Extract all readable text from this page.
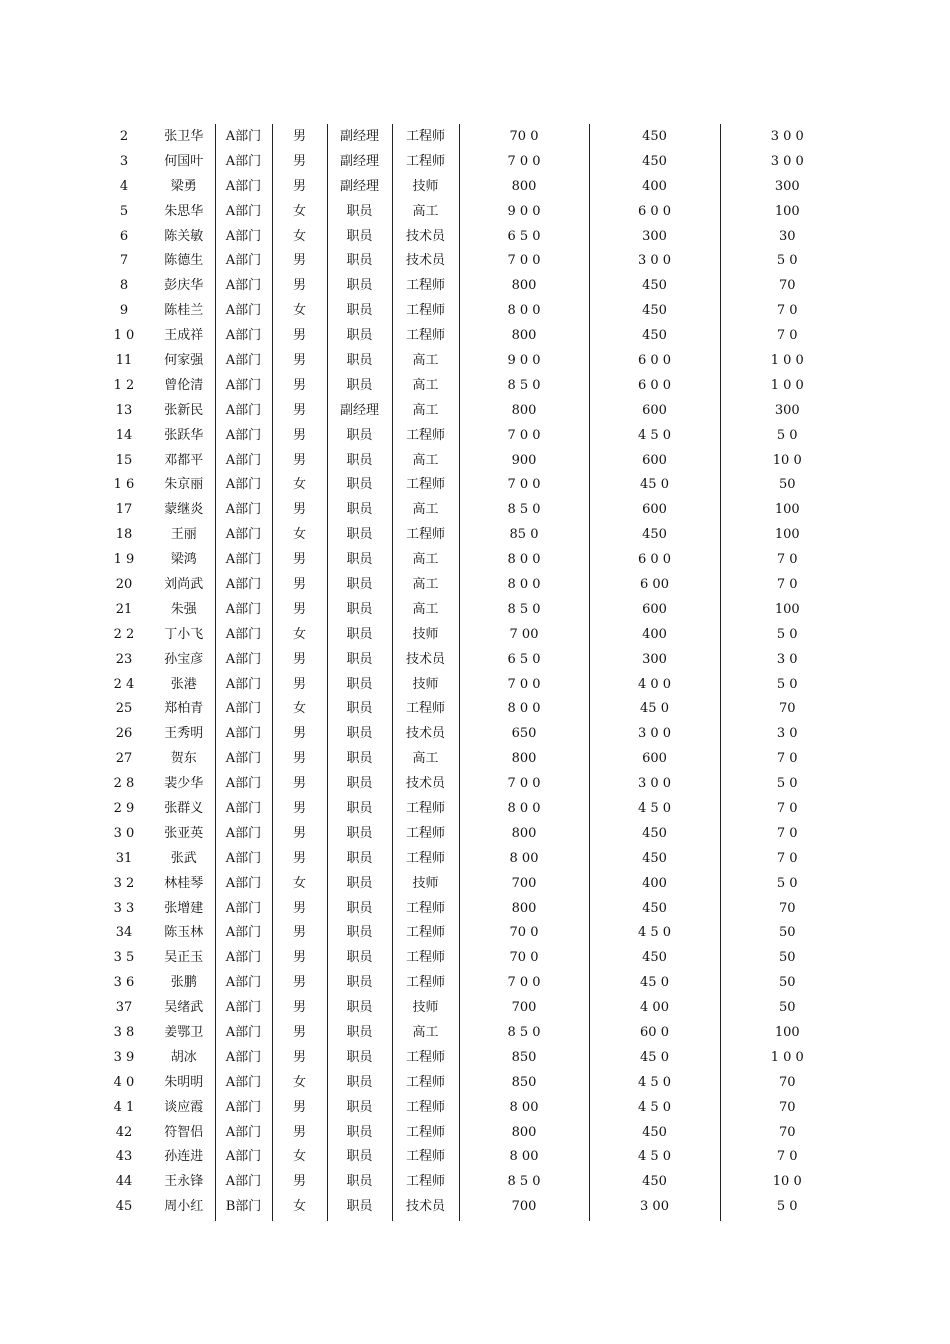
2	张卫华	A部门	男	副经理	工程师	70 0	450	3 0 0
3	何国叶	A部门	男	副经理	工程师	7 0 0	450	3 0 0
4	梁勇	A部门	男	副经理	技师	800	400	300
5	朱思华	A部门	女	职员	高工	9 0 0	6 0 0	100
6	陈关敏	A部门	女	职员	技术员	6 5 0	300	30
7	陈德生	A部门	男	职员	技术员	7 0 0	3 0 0	5 0
8	彭庆华	A部门	男	职员	工程师	800	450	70
9	陈桂兰	A部门	女	职员	工程师	8 0 0	450	7 0
1 0	王成祥	A部门	男	职员	工程师	800	450	7 0
11	何家强	A部门	男	职员	高工	9 0 0	6 0 0	1 0 0
1 2	曾伦清	A部门	男	职员	高工	8 5 0	6 0 0	1 0 0
13	张新民	A部门	男	副经理	高工	800	600	300
14	张跃华	A部门	男	职员	工程师	7 0 0	4 5 0	5 0
15	邓都平	A部门	男	职员	高工	900	600	10 0
1 6	朱京丽	A部门	女	职员	工程师	7 0 0	45 0	50
17	蒙继炎	A部门	男	职员	高工	8 5 0	600	100
18	王丽	A部门	女	职员	工程师	85 0	450	100
1 9	梁鸿	A部门	男	职员	高工	8 0 0	6 0 0	7 0
20	刘尚武	A部门	男	职员	高工	8 0 0	6 00	7 0
21	朱强	A部门	男	职员	高工	8 5 0	600	100
2 2	丁小飞	A部门	女	职员	技师	7 00	400	5 0
23	孙宝彦	A部门	男	职员	技术员	6 5 0	300	3 0
2 4	张港	A部门	男	职员	技师	7 0 0	4 0 0	5 0
25	郑柏青	A部门	女	职员	工程师	8 0 0	45 0	70
26	王秀明	A部门	男	职员	技术员	650	3 0 0	3 0
27	贺东	A部门	男	职员	高工	800	600	7 0
2 8	裴少华	A部门	男	职员	技术员	7 0 0	3 0 0	5 0
2 9	张群义	A部门	男	职员	工程师	8 0 0	4 5 0	7 0
3 0	张亚英	A部门	男	职员	工程师	800	450	7 0
31	张武	A部门	男	职员	工程师	8 00	450	7 0
3 2	林桂琴	A部门	女	职员	技师	700	400	5 0
3 3	张增建	A部门	男	职员	工程师	800	450	70
34	陈玉林	A部门	男	职员	工程师	70 0	4 5 0	50
3 5	吴正玉	A部门	男	职员	工程师	70 0	450	50
3 6	张鹏	A部门	男	职员	工程师	7 0 0	45 0	50
37	吴绪武	A部门	男	职员	技师	700	4 00	50
3 8	姜鄂卫	A部门	男	职员	高工	8 5 0	60 0	100
3 9	胡冰	A部门	男	职员	工程师	850	45 0	1 0 0
4 0	朱明明	A部门	女	职员	工程师	850	4 5 0	70
4 1	谈应霞	A部门	男	职员	工程师	8 00	4 5 0	70
42	符智侣	A部门	男	职员	工程师	800	450	70
43	孙连进	A部门	女	职员	工程师	8 00	4 5 0	7 0
44	王永锋	A部门	男	职员	工程师	8 5 0	450	10 0
45	周小红	B部门	女	职员	技术员	700	3 00	5 0
